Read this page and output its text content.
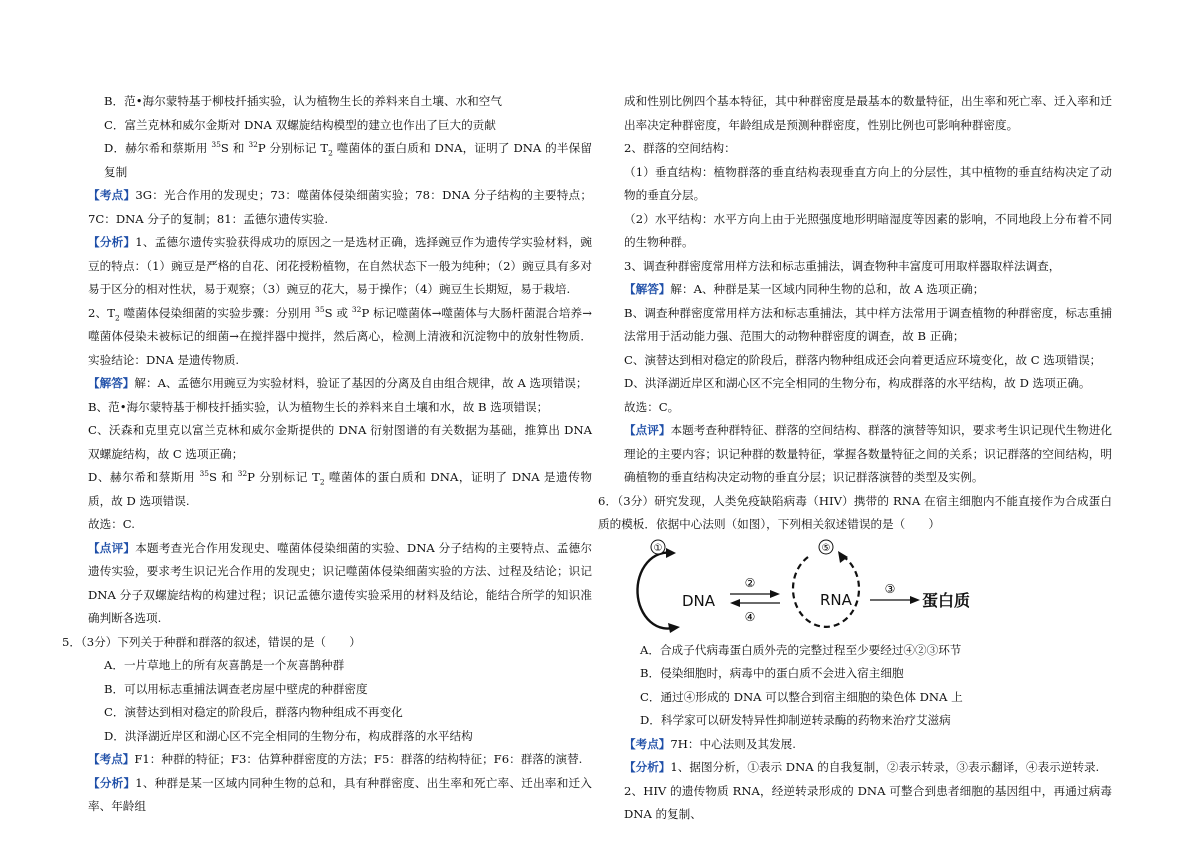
B．范•海尔蒙特基于柳枝扦插实验，认为植物生长的养料来自土壤、水和空气

C．富兰克林和威尔金斯对 DNA 双螺旋结构模型的建立也作出了巨大的贡献

D．赫尔希和蔡斯用 $^{35}$S 和 $^{32}$P 分别标记 $T_2$ 噬菌体的蛋白质和 DNA，证明了 DNA 的半保留复制

【考点】3G：光合作用的发现史；73：噬菌体侵染细菌实验；78：DNA 分子结构的主要特点；7C：DNA 分子的复制；81：孟德尔遗传实验.

【分析】1、孟德尔遗传实验获得成功的原因之一是选材正确，选择豌豆作为遗传学实验材料，豌豆的特点：（1）豌豆是严格的自花、闭花授粉植物，在自然状态下一般为纯种；（2）豌豆具有多对易于区分的相对性状，易于观察；（3）豌豆的花大，易于操作；（4）豌豆生长期短，易于栽培.

2、$T_2$ 噬菌体侵染细菌的实验步骤：分别用 $^{35}$S 或 $^{32}$P 标记噬菌体→噬菌体与大肠杆菌混合培养→噬菌体侵染未被标记的细菌→在搅拌器中搅拌，然后离心，检测上清液和沉淀物中的放射性物质．实验结论：DNA 是遗传物质.

【解答】解：A、孟德尔用豌豆为实验材料，验证了基因的分离及自由组合规律，故 A 选项错误；

B、范•海尔蒙特基于柳枝扦插实验，认为植物生长的养料来自土壤和水，故 B 选项错误；

C、沃森和克里克以富兰克林和威尔金斯提供的 DNA 衍射图谱的有关数据为基础，推算出 DNA 双螺旋结构，故 C 选项正确；

D、赫尔希和蔡斯用 $^{35}$S 和 $^{32}$P 分别标记 $T_2$ 噬菌体的蛋白质和 DNA，证明了 DNA 是遗传物质，故 D 选项错误.

故选：C.

【点评】本题考查光合作用发现史、噬菌体侵染细菌的实验、DNA 分子结构的主要特点、孟德尔遗传实验，要求考生识记光合作用的发现史；识记噬菌体侵染细菌实验的方法、过程及结论；识记 DNA 分子双螺旋结构的构建过程；识记孟德尔遗传实验采用的材料及结论，能结合所学的知识准确判断各选项.

5．（3分）下列关于种群和群落的叙述，错误的是（　　）

A．一片草地上的所有灰喜鹊是一个灰喜鹊种群

B．可以用标志重捕法调查老房屋中壁虎的种群密度

C．演替达到相对稳定的阶段后，群落内物种组成不再变化

D．洪泽湖近岸区和湖心区不完全相同的生物分布，构成群落的水平结构

【考点】F1：种群的特征；F3：估算种群密度的方法；F5：群落的结构特征；F6：群落的演替.

【分析】1、种群是某一区域内同种生物的总和，具有种群密度、出生率和死亡率、迁出率和迁入率、年龄组

成和性别比例四个基本特征，其中种群密度是最基本的数量特征，出生率和死亡率、迁入率和迁出率决定种群密度，年龄组成是预测种群密度，性别比例也可影响种群密度。

2、群落的空间结构：

（1）垂直结构：植物群落的垂直结构表现垂直方向上的分层性，其中植物的垂直结构决定了动物的垂直分层。

（2）水平结构：水平方向上由于光照强度地形明暗湿度等因素的影响，不同地段上分布着不同的生物种群。

3、调查种群密度常用样方法和标志重捕法，调查物种丰富度可用取样器取样法调查，

【解答】解：A、种群是某一区域内同种生物的总和，故 A 选项正确；

B、调查种群密度常用样方法和标志重捕法，其中样方法常用于调查植物的种群密度，标志重捕法常用于活动能力强、范围大的动物种群密度的调查，故 B 正确；

C、演替达到相对稳定的阶段后，群落内物种组成还会向着更适应环境变化，故 C 选项错误；

D、洪泽湖近岸区和湖心区不完全相同的生物分布，构成群落的水平结构，故 D 选项正确。

故选：C。

【点评】本题考查种群特征、群落的空间结构、群落的演替等知识，要求考生识记现代生物进化理论的主要内容；识记种群的数量特征，掌握各数量特征之间的关系；识记群落的空间结构，明确植物的垂直结构决定动物的垂直分层；识记群落演替的类型及实例。

6．（3分）研究发现，人类免疫缺陷病毒（HIV）携带的 RNA 在宿主细胞内不能直接作为合成蛋白质的模板．依据中心法则（如图），下列相关叙述错误的是（　　）

①
DNA
②
④
⑤
RNA
③
蛋白质

A．合成子代病毒蛋白质外壳的完整过程至少要经过④②③环节

B．侵染细胞时，病毒中的蛋白质不会进入宿主细胞

C．通过④形成的 DNA 可以整合到宿主细胞的染色体 DNA 上

D．科学家可以研发特异性抑制逆转录酶的药物来治疗艾滋病

【考点】7H：中心法则及其发展.

【分析】1、据图分析，①表示 DNA 的自我复制，②表示转录，③表示翻译，④表示逆转录.

2、HIV 的遗传物质 RNA，经逆转录形成的 DNA 可整合到患者细胞的基因组中，再通过病毒 DNA 的复制、
